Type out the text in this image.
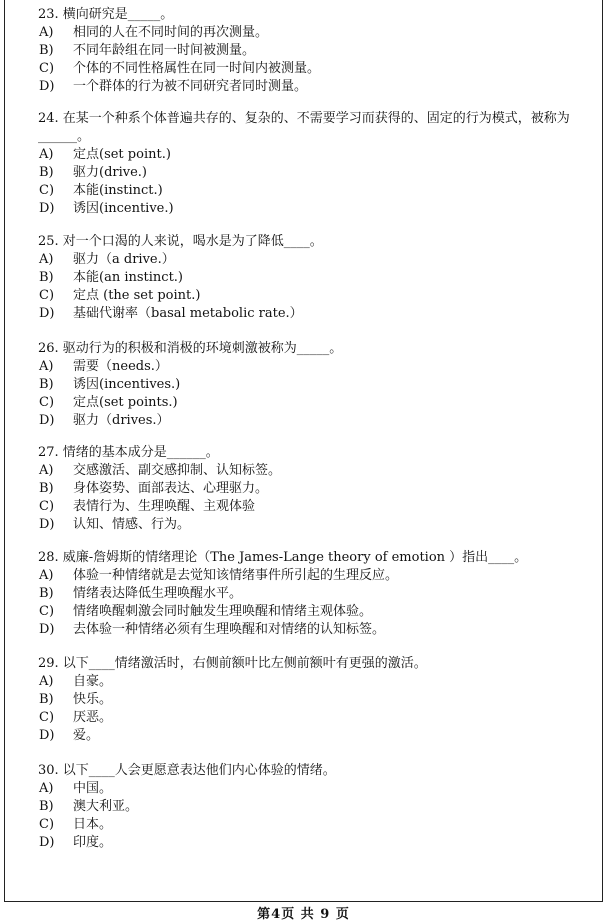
23. 横向研究是_____。

A)	相同的人在不同时间的再次测量。
B)	不同年龄组在同一时间被测量。
C)	个体的不同性格属性在同一时间内被测量。
D)	一个群体的行为被不同研究者同时测量。

24. 在某一个种系个体普遍共存的、复杂的、不需要学习而获得的、固定的行为模式，被称为______。

A)	定点(set point.)
B)	驱力(drive.)
C)	本能(instinct.)
D)	诱因(incentive.)

25. 对一个口渴的人来说，喝水是为了降低____。

A)	驱力（a drive.）
B)	本能(an instinct.)
C)	定点 (the set point.)
D)	基础代谢率（basal metabolic rate.）

26. 驱动行为的积极和消极的环境刺激被称为_____。

A)	需要（needs.）
B)	诱因(incentives.)
C)	定点(set points.)
D)	驱力（drives.）

27. 情绪的基本成分是______。

A)	交感激活、副交感抑制、认知标签。
B)	身体姿势、面部表达、心理驱力。
C)	表情行为、生理唤醒、主观体验
D)	认知、情感、行为。

28. 威廉-詹姆斯的情绪理论（The James-Lange theory of emotion ）指出____。

A)	体验一种情绪就是去觉知该情绪事件所引起的生理反应。
B)	情绪表达降低生理唤醒水平。
C)	情绪唤醒刺激会同时触发生理唤醒和情绪主观体验。
D)	去体验一种情绪必须有生理唤醒和对情绪的认知标签。

29. 以下____情绪激活时，右侧前额叶比左侧前额叶有更强的激活。

A)	自豪。
B)	快乐。
C)	厌恶。
D)	爱。

30. 以下____人会更愿意表达他们内心体验的情绪。

A)	中国。
B)	澳大利亚。
C)	日本。
D)	印度。
第4页 共 9 页
